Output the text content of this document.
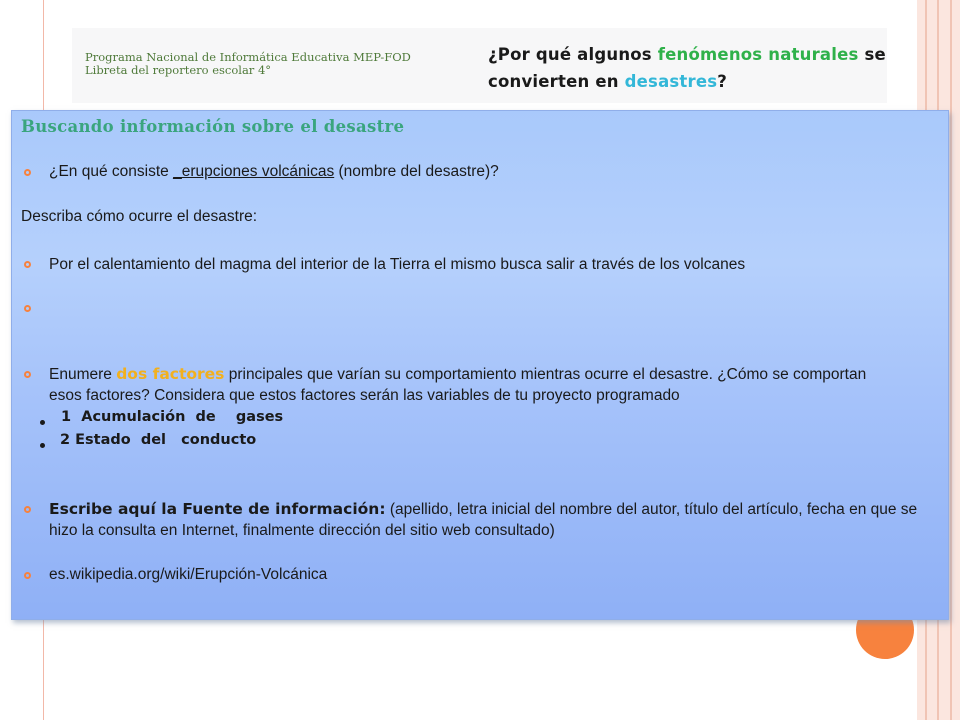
Programa Nacional de Informática Educativa MEP-FOD
Libreta del reportero escolar 4°
¿Por qué algunos fenómenos naturales se convierten en desastres?
Buscando información sobre el desastre
¿En qué consiste _erupciones volcánicas (nombre del desastre)?
Describa cómo ocurre el desastre:
Por el calentamiento del magma del interior de la Tierra el mismo busca salir a través de los volcanes
Enumere dos factores principales que varían su comportamiento mientras ocurre el desastre. ¿Cómo se comportan esos factores? Considera que estos factores serán las variables de tu proyecto programado
1  Acumulación  de    gases
2 Estado  del   conducto
Escribe aquí la Fuente de información: (apellido, letra inicial del nombre del autor, título del artículo, fecha en que se hizo la consulta en Internet, finalmente dirección del sitio web consultado)
es.wikipedia.org/wiki/Erupción-Volcánica
